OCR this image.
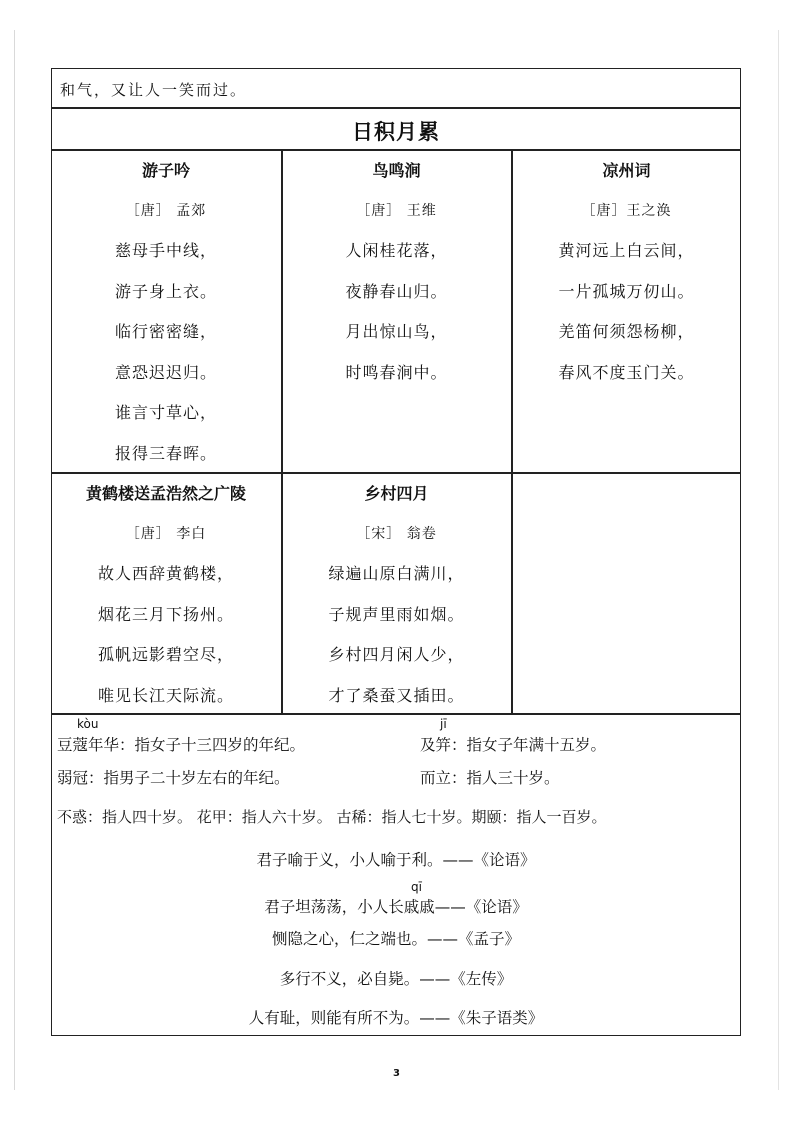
和气，又让人一笑而过。
日积月累
游子吟
［唐］ 孟郊
慈母手中线，
游子身上衣。
临行密密缝，
意恐迟迟归。
谁言寸草心，
报得三春晖。
鸟鸣涧
［唐］ 王维
人闲桂花落，
夜静春山归。
月出惊山鸟，
时鸣春涧中。
凉州词
［唐］王之涣
黄河远上白云间，
一片孤城万仞山。
羌笛何须怨杨柳，
春风不度玉门关。
黄鹤楼送孟浩然之广陵
［唐］ 李白
故人西辞黄鹤楼，
烟花三月下扬州。
孤帆远影碧空尽，
唯见长江天际流。
乡村四月
［宋］ 翁卷
绿遍山原白满川，
子规声里雨如烟。
乡村四月闲人少，
才了桑蚕又插田。
kòu	jī
豆蔻年华：指女子十三四岁的年纪。	及笄：指女子年满十五岁。
弱冠：指男子二十岁左右的年纪。	而立：指人三十岁。
不惑：指人四十岁。 花甲：指人六十岁。 古稀：指人七十岁。期颐：指人一百岁。
君子喻于义，小人喻于利。——《论语》
qī
君子坦荡荡，小人长戚戚——《论语》
恻隐之心，仁之端也。——《孟子》
多行不义，必自毙。——《左传》
人有耻，则能有所不为。——《朱子语类》
3
